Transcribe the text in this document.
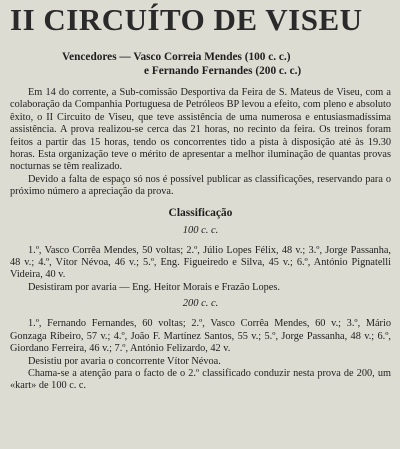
II CIRCUÍTO DE VISEU
Vencedores — Vasco Correia Mendes (100 c. c.)
e Fernando Fernandes (200 c. c.)

Em 14 do corrente, a Sub-comissão Desportiva da Feira de S. Mateus de Viseu, com a colaboração da Companhia Portuguesa de Petróleos BP levou a efeito, com pleno e absoluto êxito, o II Circuito de Viseu, que teve assistência de uma numerosa e entusiasmadíssima assistência. A prova realizou-se cerca das 21 horas, no recinto da feira. Os treinos foram feitos a partir das 15 horas, tendo os concorrentes tido a pista à disposição até às 19.30 horas. Esta organização teve o mérito de apresentar a melhor iluminação de quantas provas nocturnas se têm realizado.

Devido a falta de espaço só nos é possível publicar as classificações, reservando para o próximo número a apreciação da prova.

Classificação
100 c. c.

1.º, Vasco Corrêa Mendes, 50 voltas; 2.º, Júlio Lopes Félix, 48 v.; 3.º, Jorge Passanha, 48 v.; 4.º, Vítor Névoa, 46 v.; 5.º, Eng. Figueiredo e Silva, 45 v.; 6.º, António Pignatelli Videira, 40 v.

Desistiram por avaria — Eng. Heitor Morais e Frazão Lopes.

200 c. c.

1.º, Fernando Fernandes, 60 voltas; 2.º, Vasco Corrêa Mendes, 60 v.; 3.º, Mário Gonzaga Ribeiro, 57 v.; 4.º, João F. Martínez Santos, 55 v.; 5.º, Jorge Passanha, 48 v.; 6.º, Giordano Ferreira, 46 v.; 7.º, António Felizardo, 42 v.

Desistiu por avaria o concorrente Vítor Névoa.

Chama-se a atenção para o facto de o 2.º classificado conduzir nesta prova de 200, um «kart» de 100 c. c.
